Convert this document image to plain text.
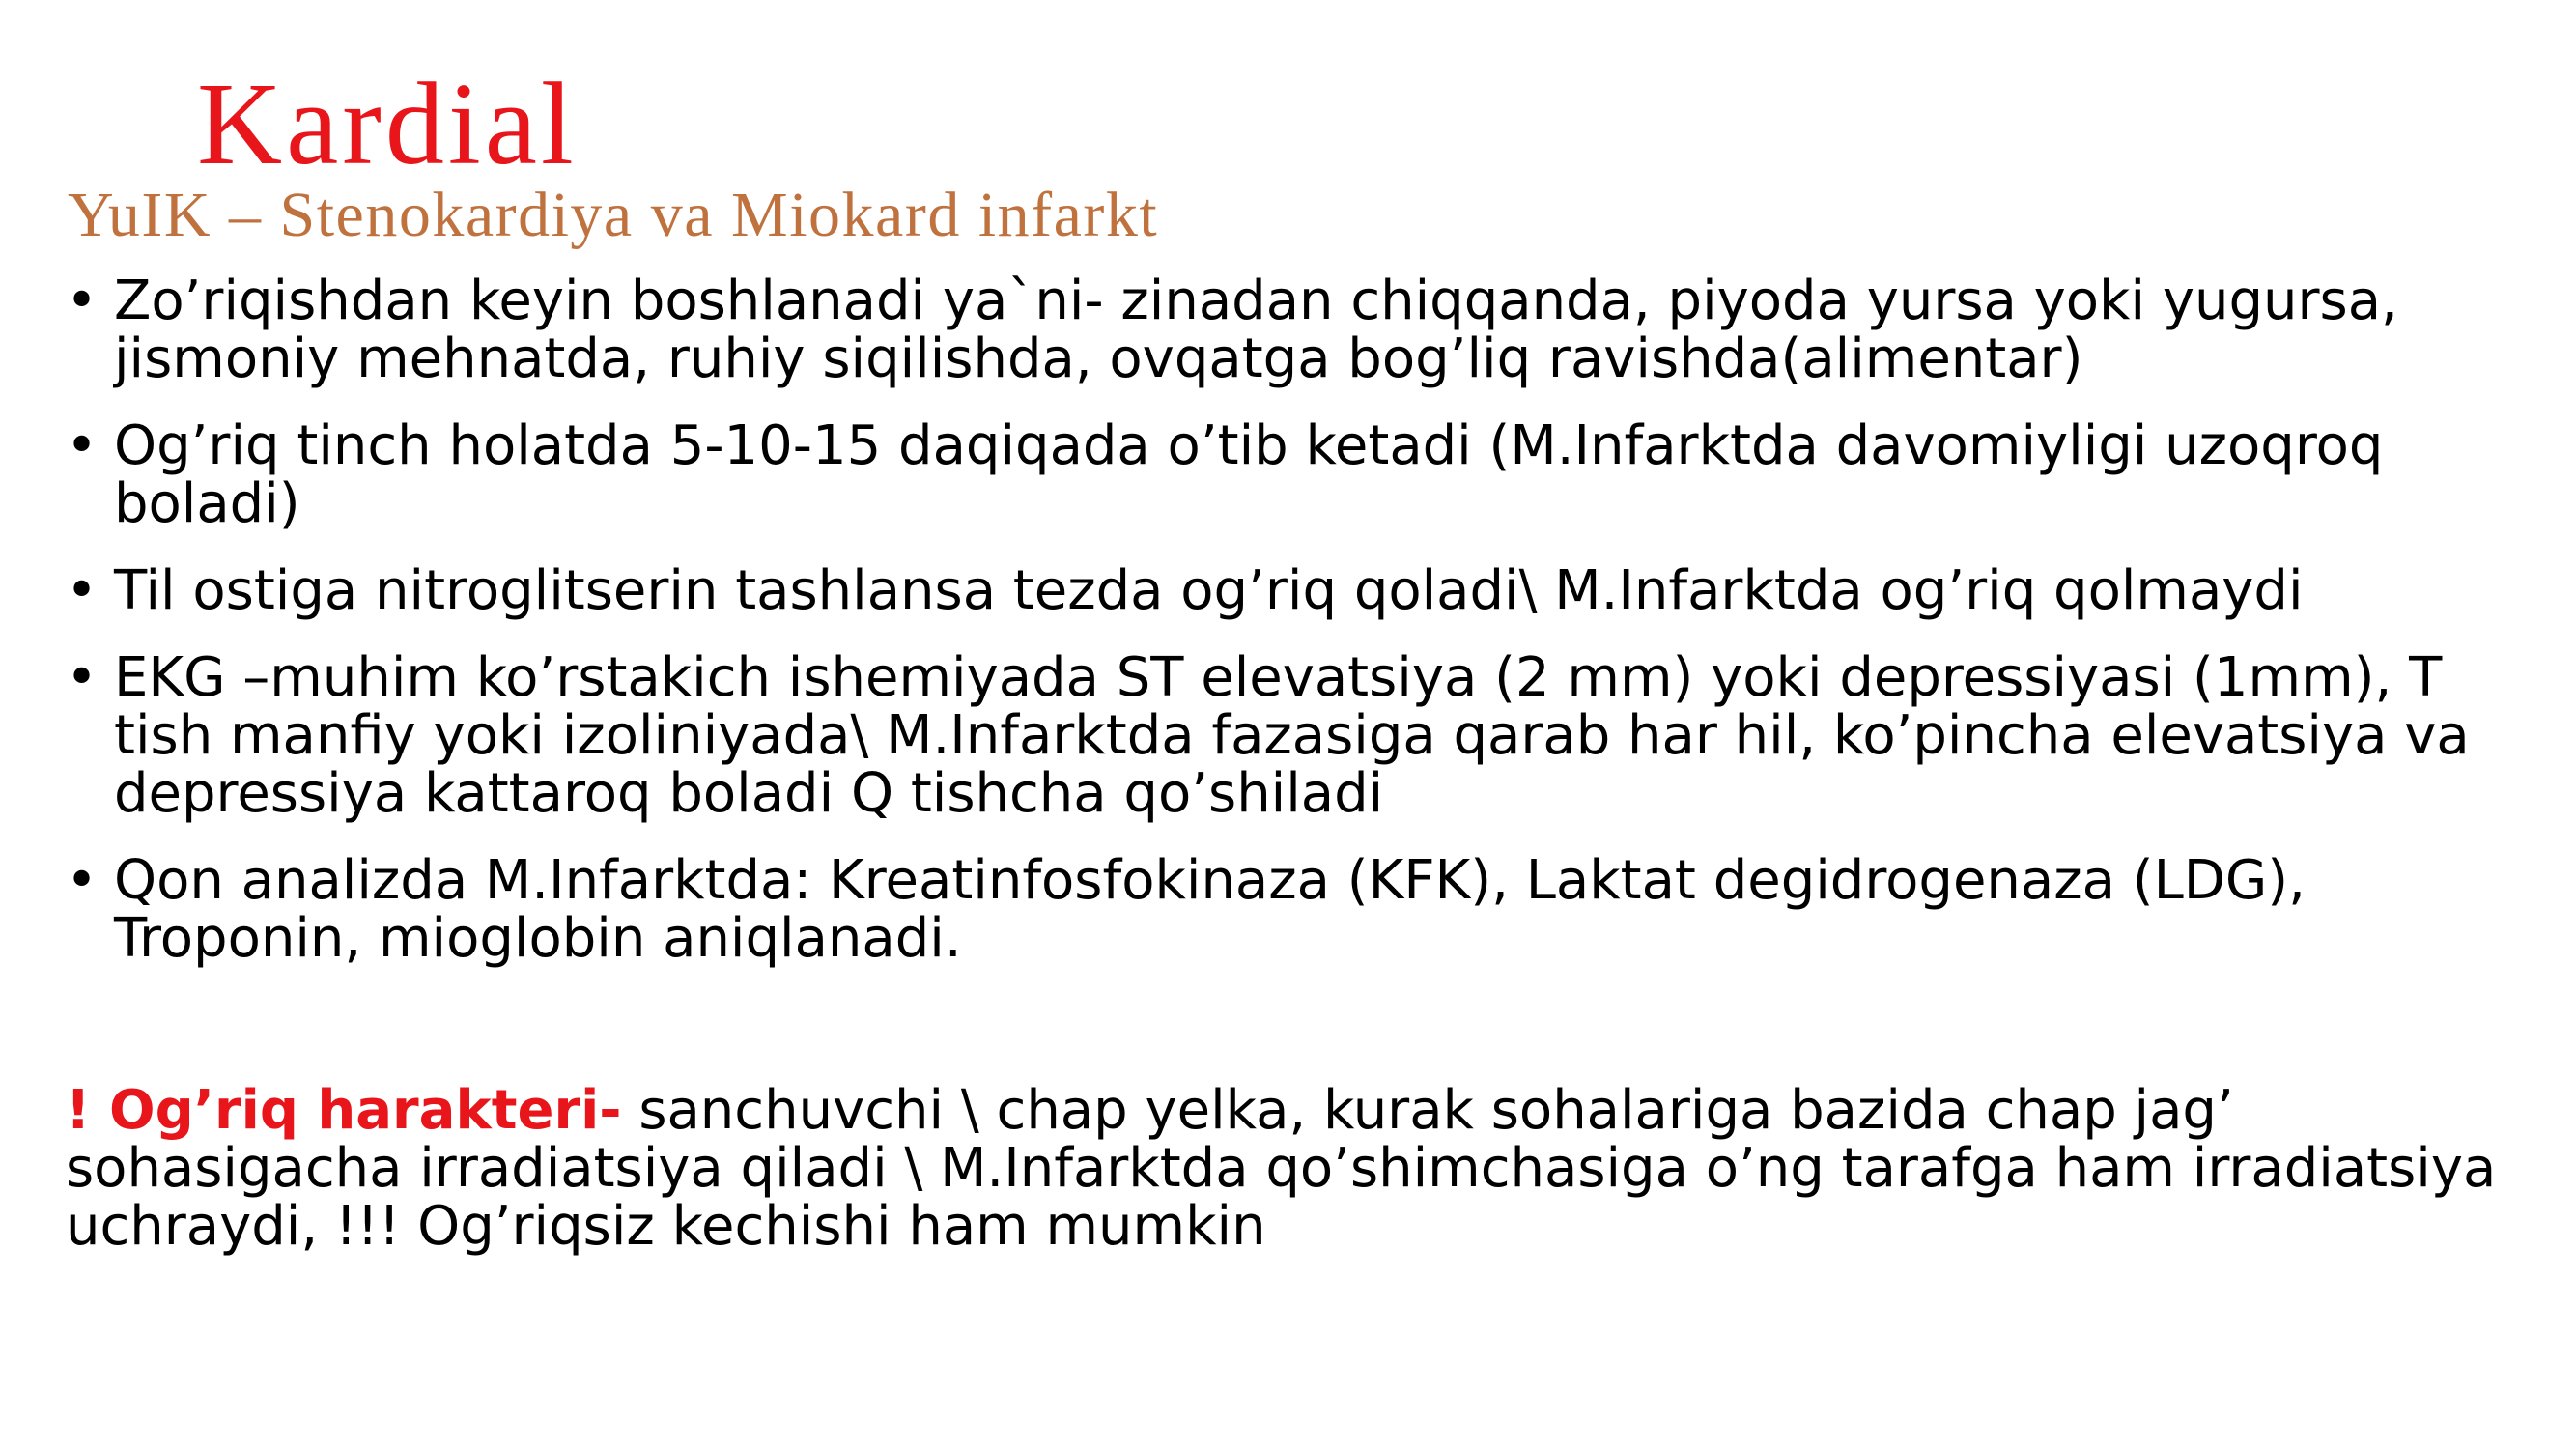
Kardial
YuIK – Stenokardiya va Miokard infarkt
• Zo’riqishdan keyin boshlanadi ya`ni- zinadan chiqqanda, piyoda yursa yoki yugursa, jismoniy mehnatda, ruhiy siqilishda, ovqatga bog’liq ravishda(alimentar)
• Og’riq tinch holatda 5-10-15 daqiqada o’tib ketadi (M.Infarktda davomiyligi uzoqroq boladi)
• Til ostiga nitroglitserin tashlansa tezda og’riq qoladi\ M.Infarktda og’riq qolmaydi
• EKG –muhim ko’rstakich ishemiyada ST elevatsiya (2 mm) yoki depressiyasi (1mm), T tish manfiy yoki izoliniyada\ M.Infarktda fazasiga qarab har hil, ko’pincha elevatsiya va depressiya kattaroq boladi Q tishcha qo’shiladi
• Qon analizda M.Infarktda: Kreatinfosfokinaza (KFK), Laktat degidrogenaza (LDG), Troponin, mioglobin aniqlanadi.

! Og’riq harakteri- sanchuvchi \ chap yelka, kurak sohalariga bazida chap jag’ sohasigacha irradiatsiya qiladi \ M.Infarktda qo’shimchasiga o’ng tarafga ham irradiatsiya uchraydi, !!! Og’riqsiz kechishi ham mumkin
